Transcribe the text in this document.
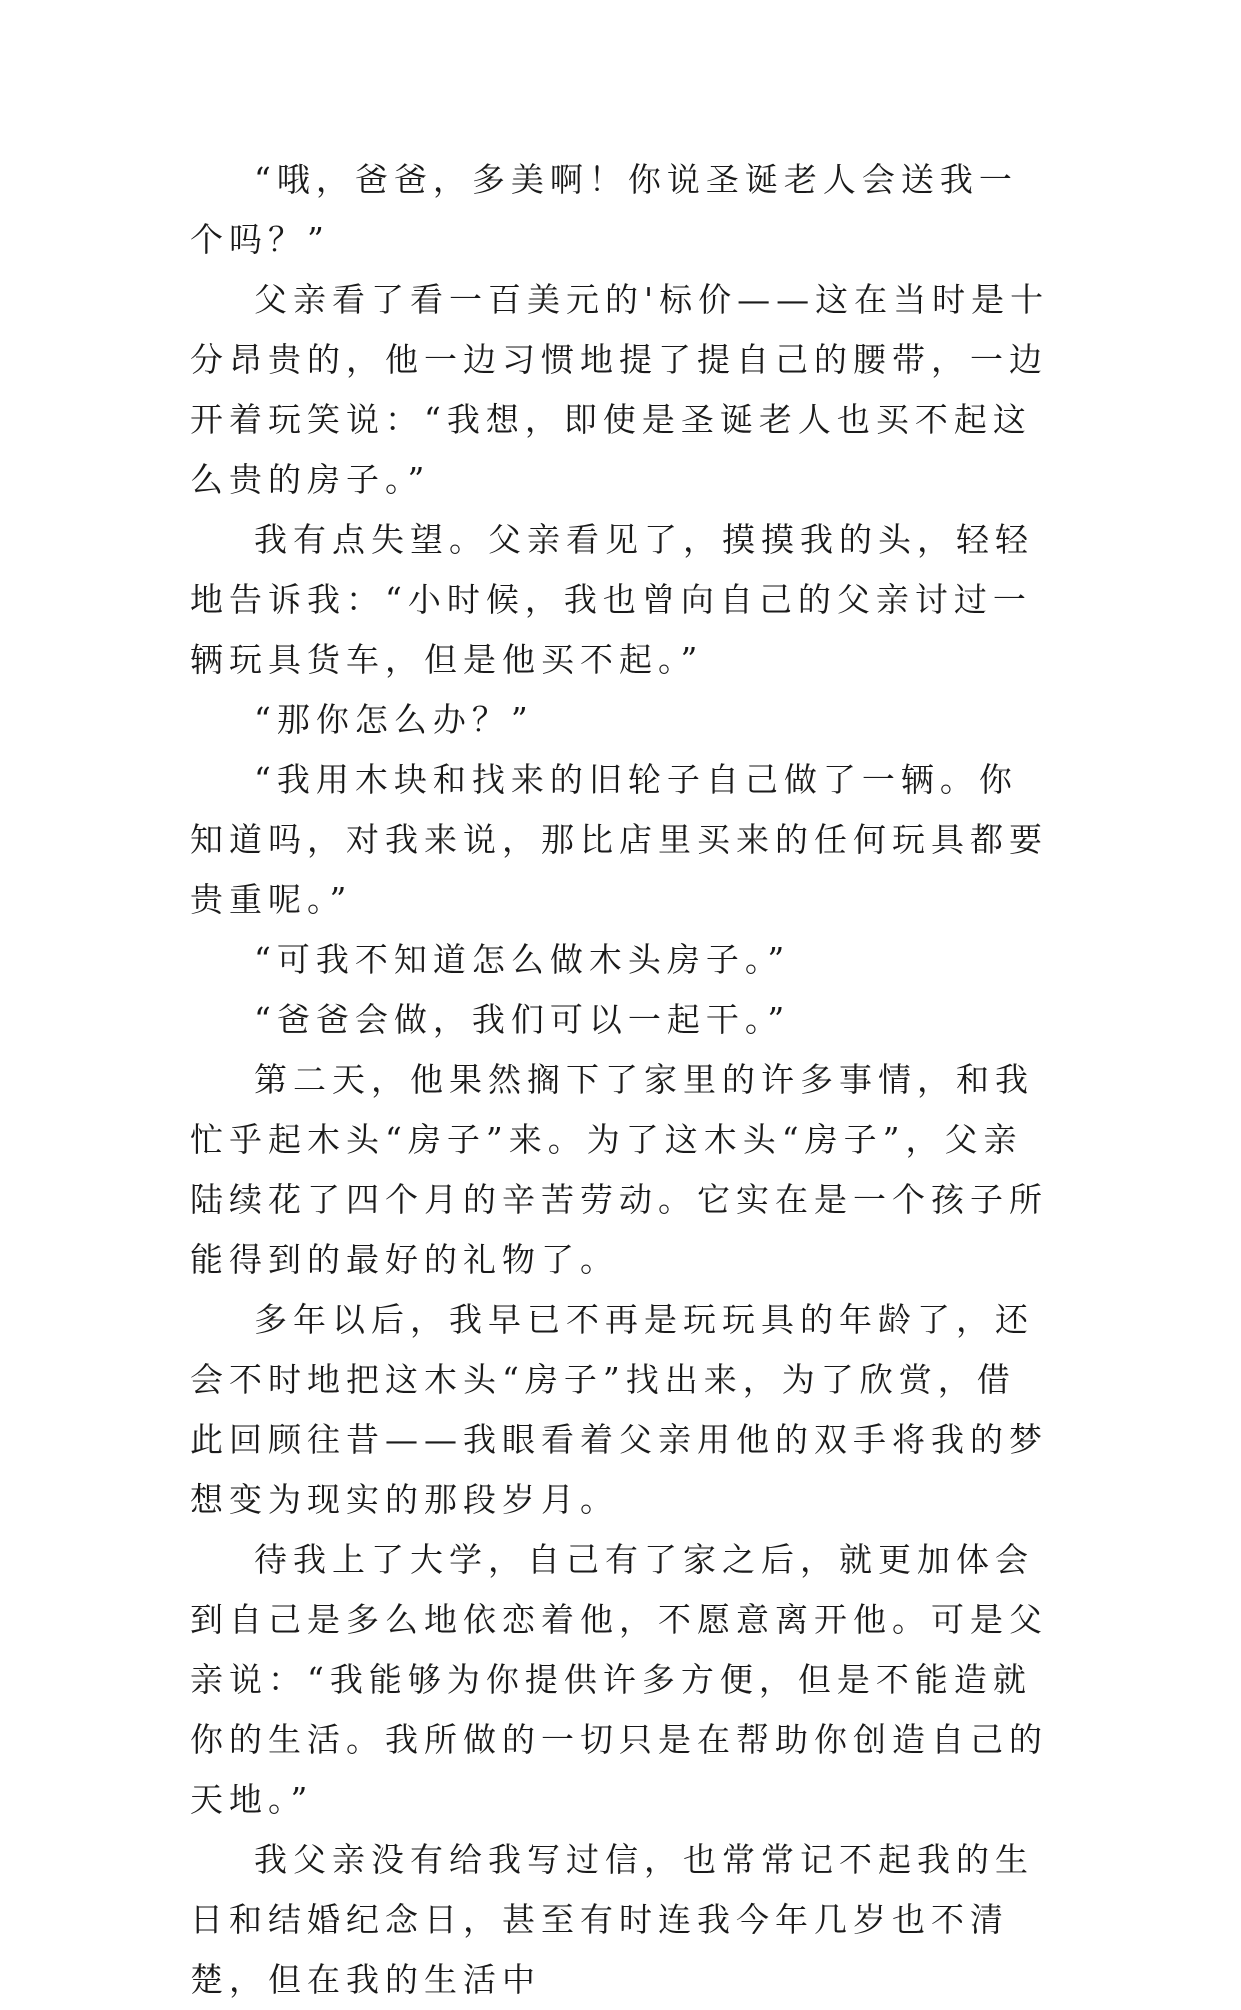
“哦，爸爸，多美啊！你说圣诞老人会送我一个吗？”

父亲看了看一百美元的'标价——这在当时是十分昂贵的，他一边习惯地提了提自己的腰带，一边开着玩笑说：“我想，即使是圣诞老人也买不起这么贵的房子。”

我有点失望。父亲看见了，摸摸我的头，轻轻地告诉我：“小时候，我也曾向自己的父亲讨过一辆玩具货车，但是他买不起。”

“那你怎么办？”

“我用木块和找来的旧轮子自己做了一辆。你知道吗，对我来说，那比店里买来的任何玩具都要贵重呢。”

“可我不知道怎么做木头房子。”

“爸爸会做，我们可以一起干。”

第二天，他果然搁下了家里的许多事情，和我忙乎起木头“房子”来。为了这木头“房子”，父亲陆续花了四个月的辛苦劳动。它实在是一个孩子所能得到的最好的礼物了。

多年以后，我早已不再是玩玩具的年龄了，还会不时地把这木头“房子”找出来，为了欣赏，借此回顾往昔——我眼看着父亲用他的双手将我的梦想变为现实的那段岁月。

待我上了大学，自己有了家之后，就更加体会到自己是多么地依恋着他，不愿意离开他。可是父亲说：“我能够为你提供许多方便，但是不能造就你的生活。我所做的一切只是在帮助你创造自己的天地。”

我父亲没有给我写过信，也常常记不起我的生日和结婚纪念日，甚至有时连我今年几岁也不清楚，但在我的生活中
